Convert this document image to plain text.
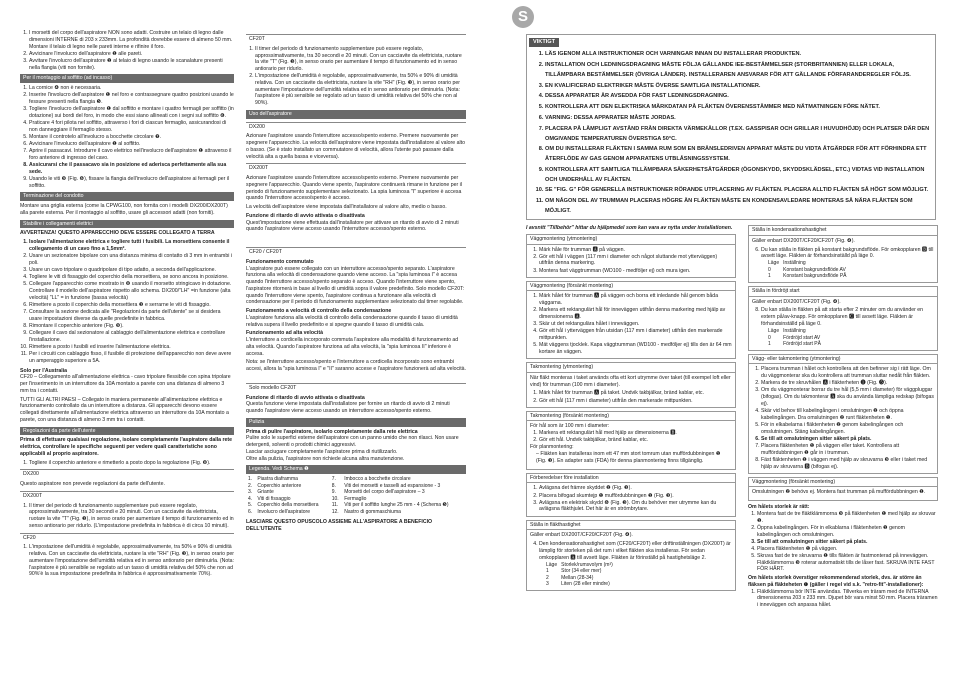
1. I morsetti del corpo dell'aspiratore NON sono adatti. Costruire un telaio di legno dalle dimensioni INTERNE di 203 x 233mm. La profondità dovrebbe essere di almeno 50 mm. Montare il telaio di legno nelle pareti interne e rifinire il foro.
2. Avvicinare l'involucro dell'aspiratore ❶ alle pareti.
3. Avvitare l'involucro dell'aspiratore ❶ al telaio di legno usando le scanalature presenti nella flangia (viti non fornite).
Per il montaggio al soffitto (ad incasso)
1. La cornice ❹ non è necessaria.
2. Inserire l'involucro dell'aspiratore ❶ nel foro e contrassegnare quattro posizioni usando le fessure presenti nella flangia ❺.
3. Togliere l'involucro dell'aspiratore ❶ dal soffitto e montare i quattro fermagli per soffitto (in dotazione) sui bordi del foro, in modo che essi siano allineati con i segni sul soffitto ❻.
4. Praticare 4 fori pilota nel soffitto, attraverso i fori di ciascun fermaglio, assicurandosi di non danneggiare il fermaglio stesso.
5. Montare il controtelo all'involucro a bocchette circolare ❼.
6. Avvicinare l'involucro dell'aspiratore ❶ al soffitto.
7. Aprire il passacavi. Introdurre il cavo elettrico nell'involucro dell'aspiratore ❶ attraverso il foro anteriore di ingresso del cavo.
8. Assicurarsi che il passacavo sia in posizione ed aderisca perfettamente alla sua sede.
9. Usando le viti ❾ (Fig. ❻), fissare la flangia dell'involucro dell'aspiratore ai fermagli per il soffitto.
Terminazione del condotto

Montare una griglia esterna (come la CPWG100, non fornita con i modelli DX200/DX200T) alla parete esterna. Per il montaggio al soffitto, usare gli accessori adatti (non forniti).

Stabilire i collegamenti elettrici

AVVERTENZA! QUESTO APPARECCHIO DEVE ESSERE COLLEGATO A TERRA

1. Isolare l'alimentazione elettrica e togliere tutti i fusibili. La morsettiera consente il collegamento di un cavo fino a 1,5mm².
2. Usare un sezionatore bipolare con una distanza minima di contatto di 3 mm in entrambi i poli.
3. Usare un cavo tripolare o quadripolare di tipo adatto, a seconda dell'applicazione.
4. Togliere le viti di fissaggio del coperchio della morsettiera, se sono ancora in posizione.
5. Collegare l'apparecchio come mostrato in ❽ usando il morsetto stringicavo in dotazione. Controllare il modello dell'aspiratore rispetto allo schema. DX200/"LH" =in funzione (alta velocità) "LL" = in funzione (bassa velocità)
6. Rimettere a posto il coperchio della morsettiera ❸ e serrarne le viti di fissaggio.
7. Consultare la sezione dedicata alle "Regolazioni da parte dell'utente" se si desidera usare impostazioni diverse da quelle predefinite in fabbrica.
8. Rimontare il coperchio anteriore (Fig. ❾).
9. Collegare il cavo dal sezionatore al cablaggio dell'alimentazione elettrica e controllare l'installazione.
10. Rimettere a posto i fusibili ed inserire l'alimentazione elettrica.
11. Per i circuiti con cablaggio fisso, il fusibile di protezione dell'apparecchio non deve avere un amperaggio superiore a 5A.

Solo per l'Australia

CF20 – Collegamento all'alimentazione elettrica - cavo tripolare flessibile con spina tripolare per l'inserimento in un interruttore da 10A montato a parete con una distanza di almeno 3 mm tra i contatti.

TUTTI GLI ALTRI PAESI – Collegato in maniera permanente all'alimentazione elettrica e funzionamento controllato da un interruttore a distanza. Gli apparecchi devono essere collegati direttamente all'alimentazione elettrica attraverso un interruttore da 10A montato a parete, con una distanza di almeno 3 mm tra i contatti.

Regolazioni da parte dell'utente

Prima di effettuare qualsiasi regolazione, isolare completamente l'aspiratore dalla rete elettrica, controllare le specifiche seguenti per vedere quali caratteristiche sono applicabili al proprio aspiratore.

1. Togliere il coperchio anteriore e rimetterlo a posto dopo la regolazione (Fig. ❽).
DX200

Questo aspiratore non prevede regolazioni da parte dell'utente.

DX200T
1. Il timer del periodo di funzionamento supplementare può essere regolato, approssimativamente, tra 30 secondi e 20 minuti. Con un cacciavite da elettricista, ruotare la vite "T" (Fig. ❸), in senso orario per aumentare il tempo di funzionamento ed in senso antiorario per ridurlo. (L'impostazione predefinita in fabbrica è di circa 10 minuti).
CF20
1. L'impostazione dell'umidità è regolabile, approssimativamente, tra 50% e 90% di umidità relativa. Con un cacciavite da elettricista, ruotare la vite "RH" (Fig. ❸), in senso orario per aumentare l'impostazione dell'umidità relativa ed in senso antiorario per diminuirla. (Nota: l'aspiratore è più sensibile se regolato ad un tasso di umidità relativa del 50% che non ad 90%'è la sua impostazione predefinita in fabbrica è approssimativamente 70%).
CF20T
1. Il timer del periodo di funzionamento supplementare può essere regolato, approssimativamente, tra 30 secondi e 20 minuti. Con un cacciavite da elettricista, ruotare la vite "T" (Fig. ❸), in senso orario per aumentare il tempo di funzionamento ed in senso antiorario per ridurlo.
2. L'impostazione dell'umidità è regolabile, approssimativamente, tra 50% e 90% di umidità relativa. Con un cacciavite da elettricista, ruotare la vite "RH" (Fig. ❸), in senso orario per aumentare l'impostazione dell'umidità relativa ed in senso antiorario per diminuirla. (Nota: l'aspiratore è più sensibile se regolato ad un tasso di umidità relativa del 50% che non al 90%).
Uso dell'aspiratore
DX200

Azionare l'aspiratore usando l'interruttore accesso/spento esterno. Premere nuovamente per spegnere l'apparecchio. La velocità dell'aspiratore viene impostata dall'installatore al valore alto o basso. (Se è stato installato un commutatore di velocità, allora l'utente può passare dalla velocità alta a quella bassa e viceversa).

DX200T

Azionare l'aspiratore usando l'interruttore accesso/spento esterno. Premere nuovamente per spegnere l'apparecchio. Quando viene spento, l'aspiratore continuerà rimane in funzione per il periodo di funzionamento supplementare selezionato. La spia luminosa "I" superiore è accesa quando l'interruttore acceso/spento è acceso.

La velocità dell'aspiratore viene impostata dall'installatore al valore alto, medio o basso.

Funzione di ritardo di avvio attivata o disattivata

Quest'impostazione viene effettuata dall'installatore per attivare un ritardo di avvio di 2 minuti quando l'aspiratore viene acceso usando l'interruttore accesso/spento esterno.

CF20 / CF20T

Funzionamento commutato

L'aspiratore può essere collegato con un interruttore accesso/spento separato. L'aspiratore funziona alla velocità di condensazione quando viene acceso. La "spia luminosa I" è accesa quando l'interruttore accesso/spento separato è acceso. Quando l'interruttore viene spento, l'aspiratore ritornerà in base al livello di umidità sopra il valore predefinito. Solo modello CF20T: quando l'interruttore viene spento, l'aspiratore continua a funzionare alla velocità di condensazione per il periodo di funzionamento supplementare selezionato dal timer regolabile.

Funzionamento a velocità di controllo della condensazione

L'aspiratore funziona alla velocità di controllo della condensazione quando il tasso di umidità relativa supera il livello predefinito e si spegne quando il tasso di umidità cala.

Funzionamento ad alta velocità

L'interruttore a cordicella incorporato commuta l'aspiratore alla modalità di funzionamento ad alta velocità. Quando l'aspiratore funziona ad alta velocità, la "spia luminosa II" inferiore è accesa.

Nota: se l'interruttore accesso/spento e l'interruttore a cordicella incorporato sono entrambi accesi, allora la "spia luminosa I" e "II" saranno accese e l'aspiratore funzionerà ad alta velocità.

Solo modello CF20T

Funzione di ritardo di avvio attivata o disattivata

Questa funzione viene impostata dall'installatore per fornire un ritardo di avvio di 2 minuti quando l'aspiratore viene acceso usando un interruttore accesso/spento esterno.

Pulizia

Prima di pulire l'aspiratore, isolarlo completamente dalla rete elettrica

Pulire solo le superfici esterne dell'aspiratore con un panno umido che non rilasci. Non usare detergenti, solventi o prodotti chimici aggressivi.

Lasciar asciugare completamente l'aspiratore prima di riutilizzarlo.

Oltre alla pulizia, l'aspiratore non richiede alcuna altra manutenzione.

Legenda. Vedi Schema ❶
1.	Piastra diaframma	7.	Imbocco a bocchette circolare
2.	Coperchio anteriore	8.	Viti dei morsetti e tasselli ad espansione - 3
3.	Griante	9.	Morsetti del corpo dell'aspiratore – 3
4.	Viti di fissaggio	10.	Fermaglio
5.	Coperchio della morsettiera	11.	Viti per il soffitto lunghe 25 mm - 4 (Schema ❺)
6.	Involucro dell'aspiratore	12.	Nastro di gommaschiuma

LASCIARE QUESTO OPUSCOLO ASSIEME ALL'ASPIRATORE A BENEFICIO DELL'UTENTE

S
VIKTIGT
1. LÄS IGENOM ALLA INSTRUKTIONER OCH VARNINGAR INNAN DU INSTALLERAR PRODUKTEN.
2. INSTALLATION OCH LEDNINGSDRAGNING MÅSTE FÖLJA GÄLLANDE IEE-BESTÄMMELSER (STORBRITANNIEN) ELLER LOKALA, TILLÄMPBARA BESTÄMMELSER (ÖVRIGA LÄNDER). INSTALLERAREN ANSVARAR FÖR ATT GÄLLANDE FÖRFARANDEREGLER FÖLJS.
3. EN KVALIFICERAD ELEKTRIKER MÅSTE ÖVERSE SAMTLIGA INSTALLATIONER.
4. DESSA APPARATER ÄR AVSEDDA FÖR FAST LEDNINGSDRAGNING.
5. KONTROLLERA ATT DEN ELEKTRISKA MÄRKDATAN PÅ FLÄKTEN ÖVERENSSTÄMMER MED NÄTMATNINGEN FÖRE NÄTET.
6. VARNING: DESSA APPARATER MÅSTE JORDAS.
7. PLACERA PÅ LÄMPLIGT AVSTÅND FRÅN DIREKTA VÄRMEKÄLLOR (T.EX. GASSPISAR OCH GRILLAR I HUVUDHÖJD) OCH PLATSER DÄR DEN OMGIVANDE TEMPERATUREN ÖVERSTIGA 50°C.
8. OM DU INSTALLERAR FLÄKTEN I SAMMA RUM SOM EN BRÄNSLEDRIVEN APPARAT MÅSTE DU VIDTA ÅTGÄRDER FÖR ATT FÖRHINDRA ETT ÅTERFLÖDE AV GAS GENOM APPARATENS UTBLÅSNINGSSYSTEM.
9. KONTROLLERA ATT SAMTLIGA TILLÄMPBARA SÄKERHETSÅTGÄRDER (ÖGONSKYDD, SKYDDSKLÄDSEL, ETC.) VIDTAS VID INSTALLATION OCH UNDERHÅLL AV FLÄKTEN.
10. SE "FIG. G" FÖR GENERELLA INSTRUKTIONER RÖRANDE UTPLACERING AV FLÄKTEN. PLACERA ALLTID FLÄKTEN SÅ HÖGT SOM MÖJLIGT.
11. OM NÅGON DEL AV TRUMMAN PLACERAS HÖGRE ÄN FLÄKTEN MÅSTE EN KONDENSAVLEDARE MONTERAS SÅ NÄRA FLÄKTEN SOM MÖJLIGT.

I avsnitt "Tillbehör" hittar du hjälpmedel som kan vara av nytta under installationen.

Väggmontering (ytmontering)
1. Märk håle för trumman 🅰 på väggen.
2. Gör ett hål i väggen (117 mm i diameter och något sluttande mot ytterväggen) utifrån denna markering.
3. Montera fast väggtrumman (WD100 - medföljer ej) och mura igen.
Väggmontering (försänkt montering)
1. Märk hålet för trumman 🅰 på väggen och borra ett inledande hål genom båda väggarna.
2. Markera ett rektangulärt hål för inneväggen utifrån denna markering med hjälp av dimensionerna 🅰.
3. Skär ut det rektangulära hålet i inneväggen.
4. Gör ett hål i ytterväggen från utsidan (117 mm i diameter) utifrån den markerade mittpunkten.
5. Mät väggens tjocklek. Kapa väggtrumman (WD100 - medföljer ej) tills den är 64 mm kortare än väggen.
Takmontering (ytmontering)

När fläkt monteras i taket används ofta ett kort utrymme över taket (till exempel loft eller vind) för trumman (100 mm i diameter).

1. Märk hålet för trumman 🅰 på taket. Undvik takbjälkar, bränd kablar, etc.
2. Gör ett hål (117 mm i diameter) utifrån den markerade mittpunkten.
Takmontering (försänkt montering)

För hål som är 100 mm i diameter:

1. Markera ett rektangulärt hål med hjälp av dimensionerna 🅱.
2. Gör ett hål. Undvik takbjälkar, bränd kablar, etc.

För planmontering:

– Fläkten kan installeras inom ett 47 mm stort tomrum utan muffördubbningen ❶ (Fig. ❸). En adapter sats (FDA) för denna planmontering finns tillgänglig.

Förberedelser före installation
1. Avlägsna det främre skyddet ❷ (Fig. ❸).
2. Placera bifogad skumtejp ❶ muffördubbningen ❶ (Fig. ❸).
3. Avlägsna en elektrisk skydd ❻ (Fig. ❸). Om du behöver mer utrymme kan du avlägsna fläkthjulet. Det här är en strömbrytare.
Ställa in fläkthastighet

Gäller enbart DX200T/CF20/CF20T (Fig. ❹).

4. Den kondensationshastighet som (CF20/CF20T) eller driftinställningen (DX200T) är lämplig för storleken på det rum i vilket fläkten ska installeras. För sedan omkopplaren 🅰 till avsett läge. Fläkten är förinställd på hastighetsläge 2.
Läge	Storlek/rumsvolym (m³)
1	Stor (34 eller mer)
2	Mellan (28-34)
3	Liten (28 eller mindre)
Ställa in kondensationshastighet

Gäller enbart DX200T/CF20/CF20T (Fig. ❹).

6. Du kan ställa in fläkten på konstant bakgrundsflöde. För omkopplaren 🅱 till avsett läge. Fläkten är förhandsinställd på läge 0.
Läge	Inställning
0	Konstant bakgrundsflöde AV
1	Konstant bakgrundsflöde PÅ
Ställa in fördröjt start

Gäller enbart DX200T/CF20T (Fig. ❹).

8. Du kan ställa in fläkten på att starta efter 2 minuter om du använder en extern på/av-knapp. För omkopplaren 🅲 till avsett läge. Fläkten är förhandsinställd på läge 0.
Läge	Inställning
0	Fördröjd start AV
1	Fördröjd start PÅ
Vägg- eller takmontering (ytmontering)
1. Placera trumman i hålet och kontrollera att den befinner sig i rätt läge. Om du väggmonterar ska du kontrollera att trumman sluttar nedåt från fläkten.
2. Markera de tre skruvhålen 🅰 i fläkterheten ❶ (Fig. ❺).
3. Om du väggmonterar borrar du tre hål (5,5 mm i diameter) för väggpluggar (bifogas). Om du takmonterar 🅰 ska du använda lämpliga redskap (bifogas ej).
4. Skär vid behov till kabelingången i omslutningen ❷ och öppna kabelingången. Dra omslutningen ❷ runt fläktenheten ❶.
5. För in elkabelarna i fläktenheten ❷ genom kabelingången och omslutningen. Stäng kabelingången.
6. Se till att omslutningen sitter säkert på plats.
7. Placera fläktenheten ❶ på väggen eller taket. Kontrollera att muffördubbningen ❶ går in i trumman.
8. Fäst fläktenheten ❶ i väggen med hjälp av skruvarna ❾ eller i taket med hjälp av skruvarna 🅱 (bifogas ej).
Väggmontering (försänkt montering)

Omslutningen ❷ behövs ej. Montera fast trumman på muffördubbningen ❶.

Om hålets storlek är rätt:

1. Montera fast de tre fläktklämmorna ❾ på fläktenheten ❶ med hjälp av skruvar ❶.
2. Öppna kabelingången. För in elkablarna i fläktenheten ❶ genom kabelingången och omslutningen.
3. Se till att omslutningen sitter säkert på plats.
4. Placera fläktenheten ❶ på väggen.
5. Skruva fast de tre skruvarna ❶ tills fläkten är fastmonterad på inneväggen. Fläktklämmorna ❾ roterar automatiskt tills de låser fast. SKRUVA INTE FAST FÖR HÅRT.

Om hålets storlek överstiger rekommenderad storlek, dvs. är större än fläksen på fläkteheten ❶ (gäller i regel vid s.k. "retro-fit"-installationer):

1. Fläktklämmorna bör INTE användas. Tillverka en träram med de INTERNA dimensionerna 203 x 233 mm. Djupet bör vara minst 50 mm. Placera träramen i inneväggen och anpassa hålet.
